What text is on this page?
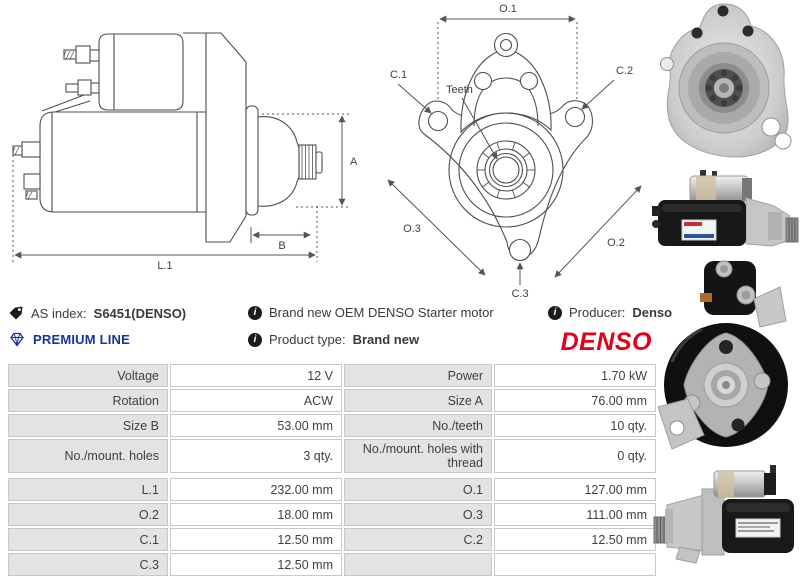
L.1
B
A
O.1
C.1	C.2
Teeth
O.3
O.2
C.3
AS index: S6451(DENSO) i	Brand new OEM DENSO Starter motor i	Producer: Denso
PREMIUM LINE i	Product type: Brand new	DENSO
Voltage	12 V	Power	1.70 kW
Rotation	ACW	Size A	76.00 mm
Size B	53.00 mm	No./teeth	10 qty.
No./mount. holes	3 qty.	No./mount. holes with thread	0 qty.

L.1	232.00 mm	O.1	127.00 mm
O.2	18.00 mm	O.3	111.00 mm
C.1	12.50 mm	C.2	12.50 mm
C.3	12.50 mm		
